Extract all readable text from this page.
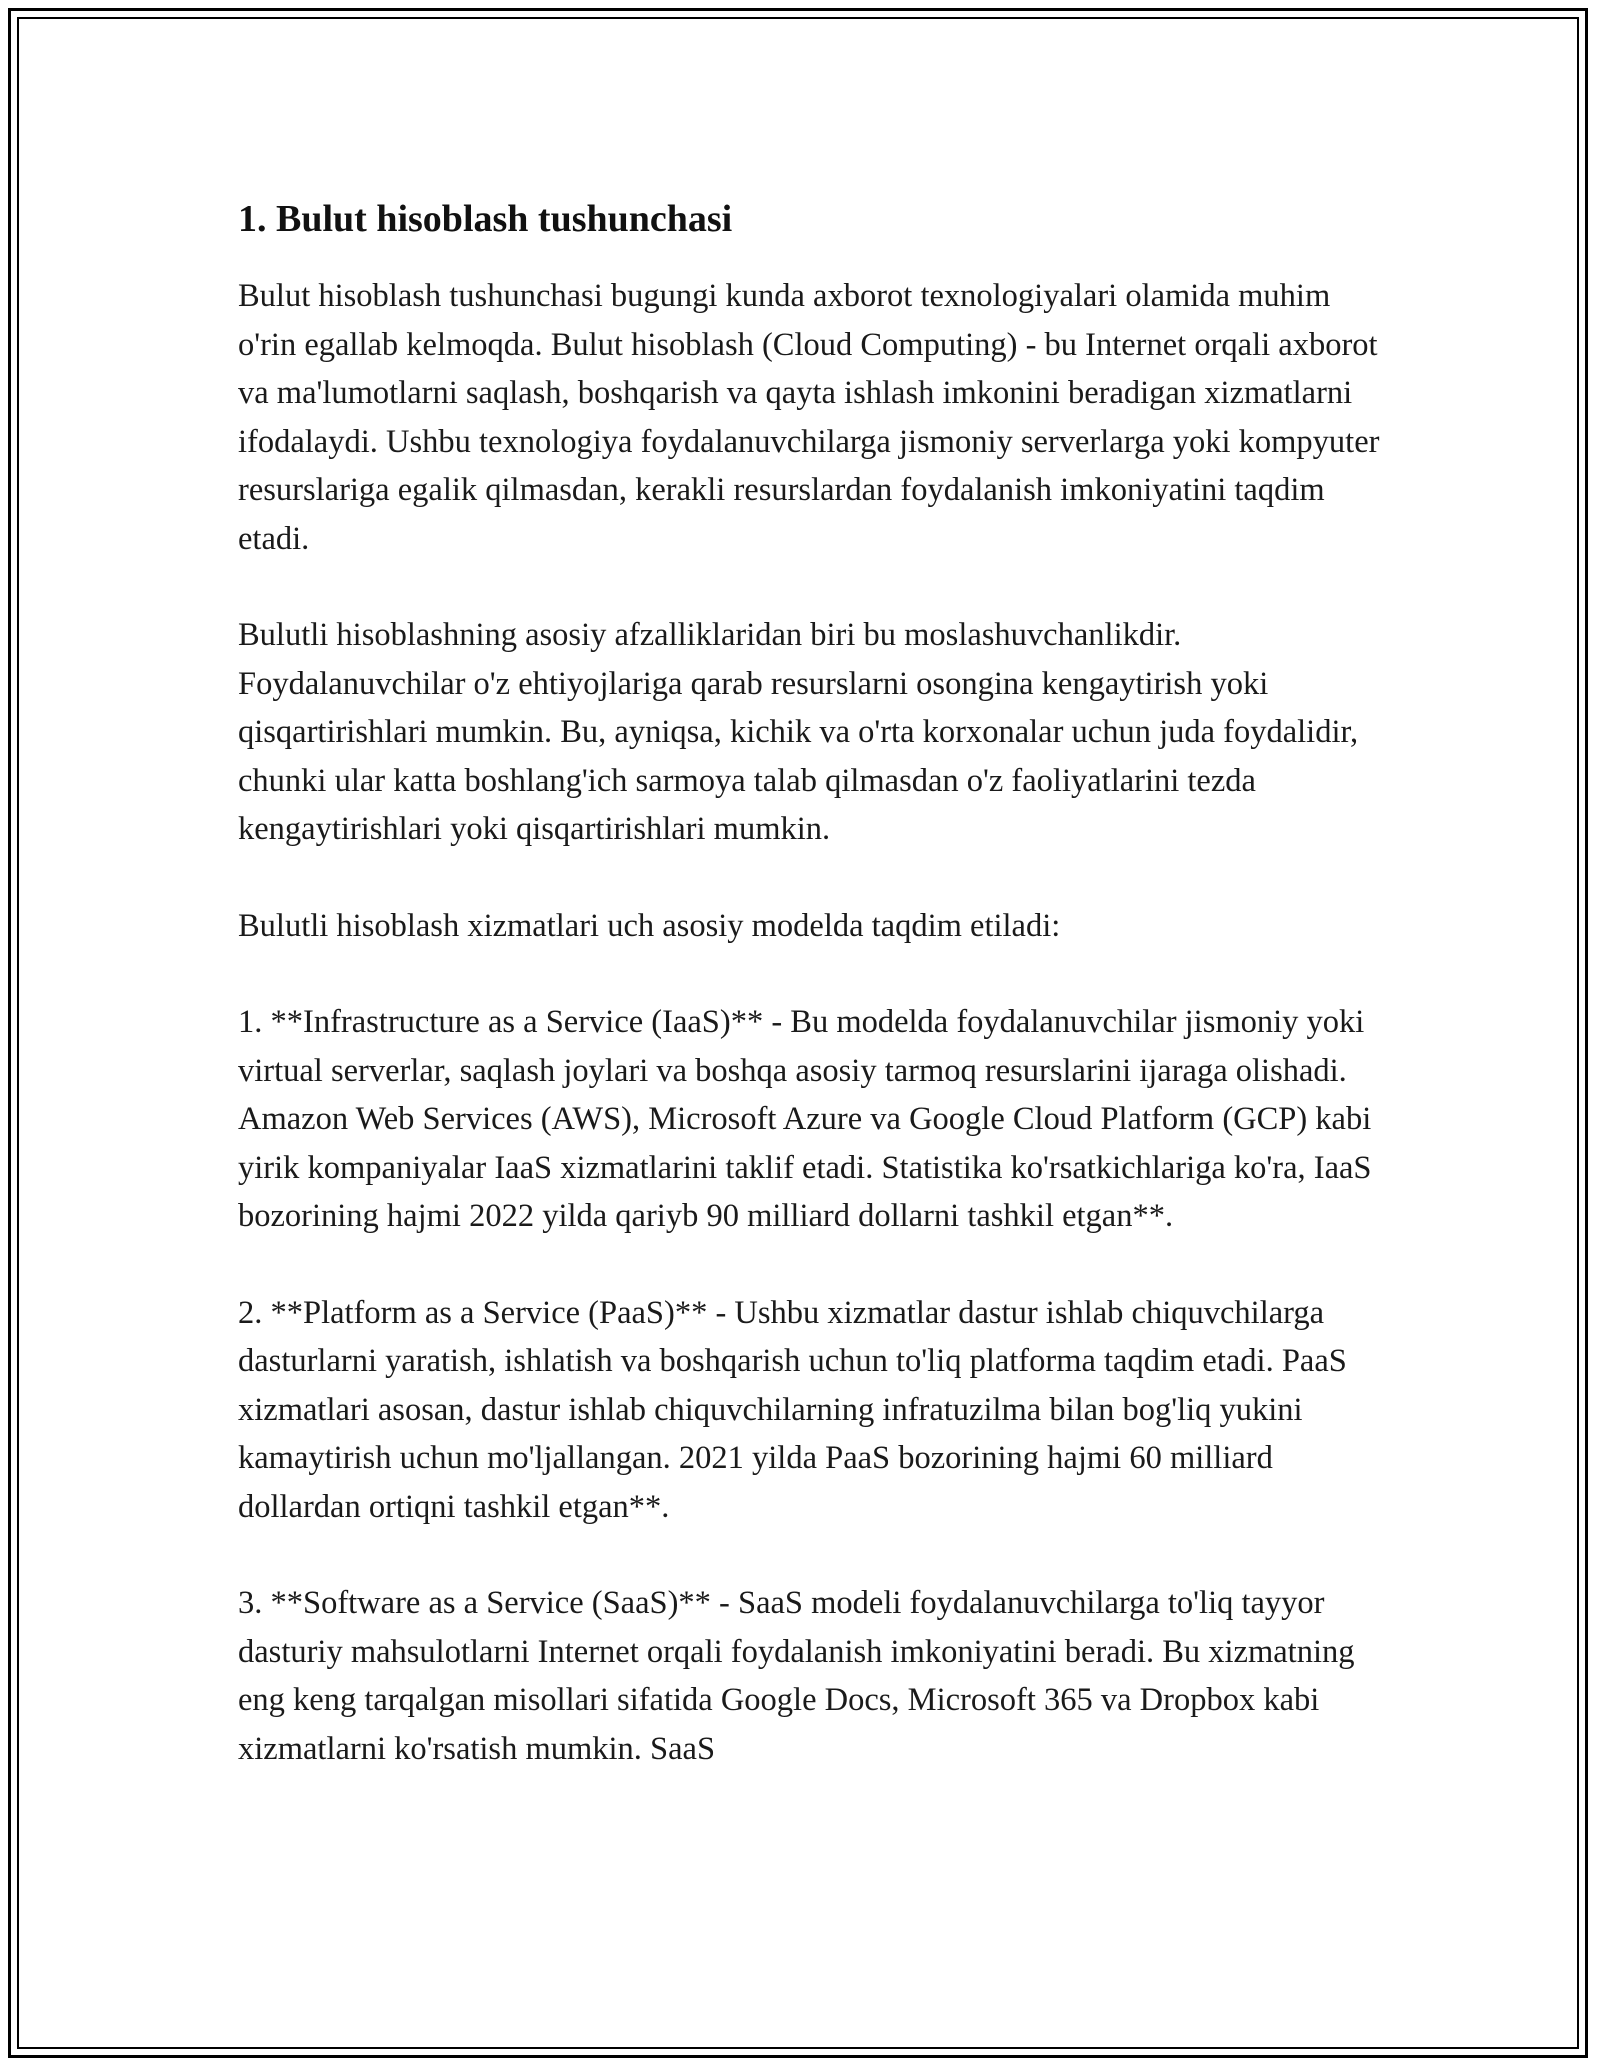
1. Bulut hisoblash tushunchasi

Bulut hisoblash tushunchasi bugungi kunda axborot texnologiyalari olamida muhim o'rin egallab kelmoqda. Bulut hisoblash (Cloud Computing) - bu Internet orqali axborot va ma'lumotlarni saqlash, boshqarish va qayta ishlash imkonini beradigan xizmatlarni ifodalaydi. Ushbu texnologiya foydalanuvchilarga jismoniy serverlarga yoki kompyuter resurslariga egalik qilmasdan, kerakli resurslardan foydalanish imkoniyatini taqdim etadi.

Bulutli hisoblashning asosiy afzalliklaridan biri bu moslashuvchanlikdir. Foydalanuvchilar o'z ehtiyojlariga qarab resurslarni osongina kengaytirish yoki qisqartirishlari mumkin. Bu, ayniqsa, kichik va o'rta korxonalar uchun juda foydalidir, chunki ular katta boshlang'ich sarmoya talab qilmasdan o'z faoliyatlarini tezda kengaytirishlari yoki qisqartirishlari mumkin.

Bulutli hisoblash xizmatlari uch asosiy modelda taqdim etiladi:

1. **Infrastructure as a Service (IaaS)** - Bu modelda foydalanuvchilar jismoniy yoki virtual serverlar, saqlash joylari va boshqa asosiy tarmoq resurslarini ijaraga olishadi. Amazon Web Services (AWS), Microsoft Azure va Google Cloud Platform (GCP) kabi yirik kompaniyalar IaaS xizmatlarini taklif etadi. Statistika ko'rsatkichlariga ko'ra, IaaS bozorining hajmi 2022 yilda qariyb 90 milliard dollarni tashkil etgan**.

2. **Platform as a Service (PaaS)** - Ushbu xizmatlar dastur ishlab chiquvchilarga dasturlarni yaratish, ishlatish va boshqarish uchun to'liq platforma taqdim etadi. PaaS xizmatlari asosan, dastur ishlab chiquvchilarning infratuzilma bilan bog'liq yukini kamaytirish uchun mo'ljallangan. 2021 yilda PaaS bozorining hajmi 60 milliard dollardan ortiqni tashkil etgan**.

3. **Software as a Service (SaaS)** - SaaS modeli foydalanuvchilarga to'liq tayyor dasturiy mahsulotlarni Internet orqali foydalanish imkoniyatini beradi. Bu xizmatning eng keng tarqalgan misollari sifatida Google Docs, Microsoft 365 va Dropbox kabi xizmatlarni ko'rsatish mumkin. SaaS
